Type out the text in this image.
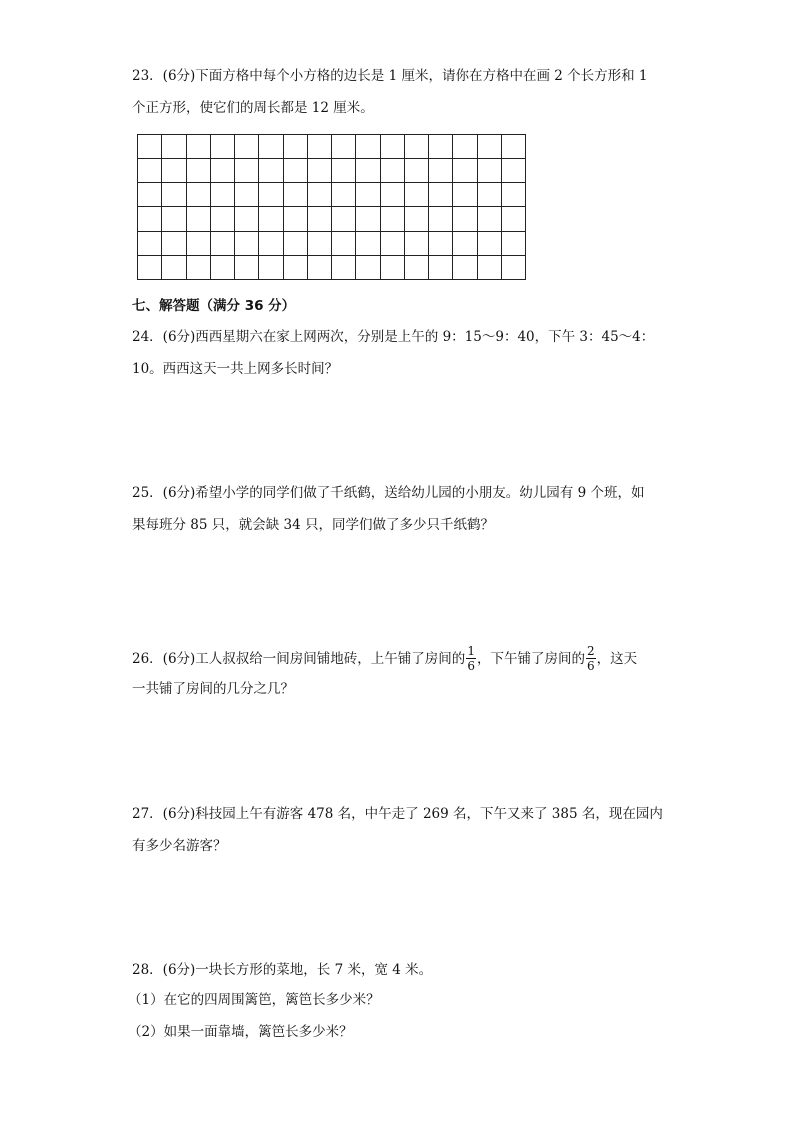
23．(6分)下面方格中每个小方格的边长是 1 厘米，请你在方格中在画 2 个长方形和 1
个正方形，使它们的周长都是 12 厘米。
七、解答题（满分 36 分）
24．(6分)西西星期六在家上网两次，分别是上午的 9：15～9：40，下午 3：45～4：
10。西西这天一共上网多长时间？
25．(6分)希望小学的同学们做了千纸鹤，送给幼儿园的小朋友。幼儿园有 9 个班，如
果每班分 85 只，就会缺 34 只，同学们做了多少只千纸鹤？
26．(6分)工人叔叔给一间房间铺地砖，上午铺了房间的 $\frac{1}{6}$ ，下午铺了房间的 $\frac{2}{6}$ ，这天
一共铺了房间的几分之几？
27．(6分)科技园上午有游客 478 名，中午走了 269 名，下午又来了 385 名，现在园内
有多少名游客？
28．(6分)一块长方形的菜地，长 7 米，宽 4 米。
（1）在它的四周围篱笆，篱笆长多少米？
（2）如果一面靠墙，篱笆长多少米？
